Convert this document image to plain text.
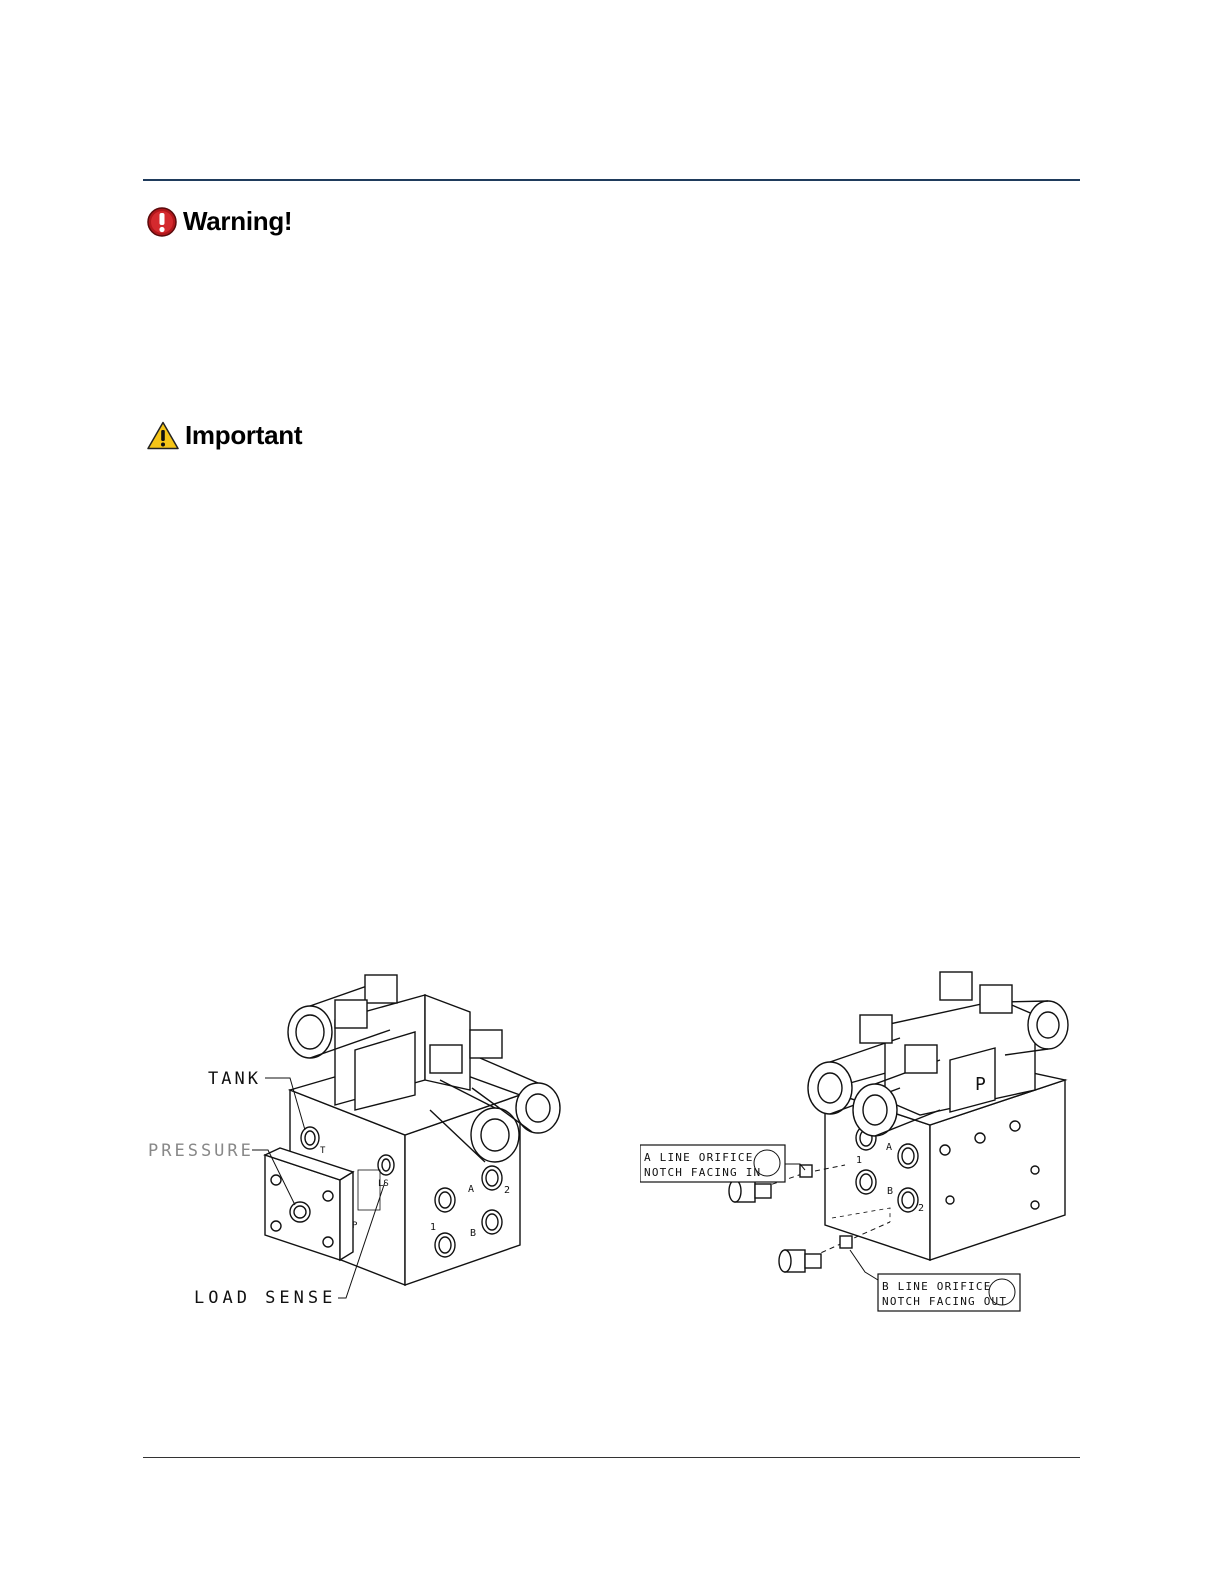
Warning!
Important
TANK
PRESSURE
LOAD SENSE
T
LS
P
A
B
1
2
A LINE ORIFICE
NOTCH FACING IN
B LINE ORIFICE
NOTCH FACING OUT
P
A
B
1
2
